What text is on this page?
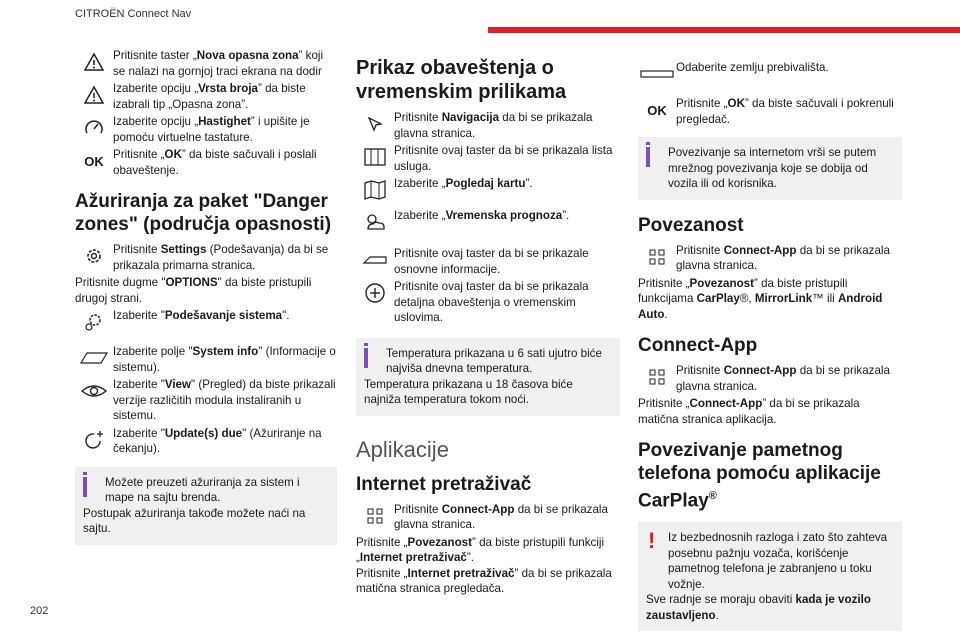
CITROËN Connect Nav
202

Pritisnite taster „Nova opasna zona” koji se nalazi na gornjoj traci ekrana na dodir

Izaberite opciju „Vrsta broja” da biste izabrali tip „Opasna zona”.

Izaberite opciju „Hastighet” i upišite je pomoću virtuelne tastature.

OK Pritisnite „OK” da biste sačuvali i poslali obaveštenje.

Ažuriranja za paket "Danger zones" (područja opasnosti)

Pritisnite Settings (Podešavanja) da bi se prikazala primarna stranica.

Pritisnite dugme "OPTIONS" da biste pristupili drugoj strani.

Izaberite "Podešavanje sistema".

Izaberite polje "System info" (Informacije o sistemu).

Izaberite "View" (Pregled) da biste prikazali verzije različitih modula instaliranih u sistemu.

Izaberite "Update(s) due" (Ažuriranje na čekanju).

Možete preuzeti ažuriranja za sistem i mape na sajtu brenda.

Postupak ažuriranja takođe možete naći na sajtu.

Prikaz obaveštenja o vremenskim prilikama

Pritisnite Navigacija da bi se prikazala glavna stranica.

Pritisnite ovaj taster da bi se prikazala lista usluga.

Izaberite „Pogledaj kartu”.

Izaberite „Vremenska prognoza”.

Pritisnite ovaj taster da bi se prikazale osnovne informacije.

Pritisnite ovaj taster da bi se prikazala detaljna obaveštenja o vremenskim uslovima.

Temperatura prikazana u 6 sati ujutro biće najviša dnevna temperatura.

Temperatura prikazana u 18 časova biće najniža temperatura tokom noći.

Aplikacije
Internet pretraživač

Pritisnite Connect-App da bi se prikazala glavna stranica.

Pritisnite „Povezanost” da biste pristupili funkciji „Internet pretraživač”.

Pritisnite „Internet pretraživač” da bi se prikazala matična stranica pregledača.

Odaberite zemlju prebivališta.

OK Pritisnite „OK” da biste sačuvali i pokrenuli pregledač.

Povezivanje sa internetom vrši se putem mrežnog povezivanja koje se dobija od vozila ili od korisnika.

Povezanost

Pritisnite Connect-App da bi se prikazala glavna stranica.

Pritisnite „Povezanost” da biste pristupili funkcijama CarPlay®, MirrorLink™ ili Android Auto.

Connect-App

Pritisnite Connect-App da bi se prikazala glavna stranica.

Pritisnite „Connect-App” da bi se prikazala matična stranica aplikacija.

Povezivanje pametnog telefona pomoću aplikacije CarPlay®
!	Iz bezbednosnih razloga i zato što zahteva posebnu pažnju vozača, korišćenje pametnog telefona je zabranjeno u toku vožnje.

Sve radnje se moraju obaviti kada je vozilo zaustavljeno.
